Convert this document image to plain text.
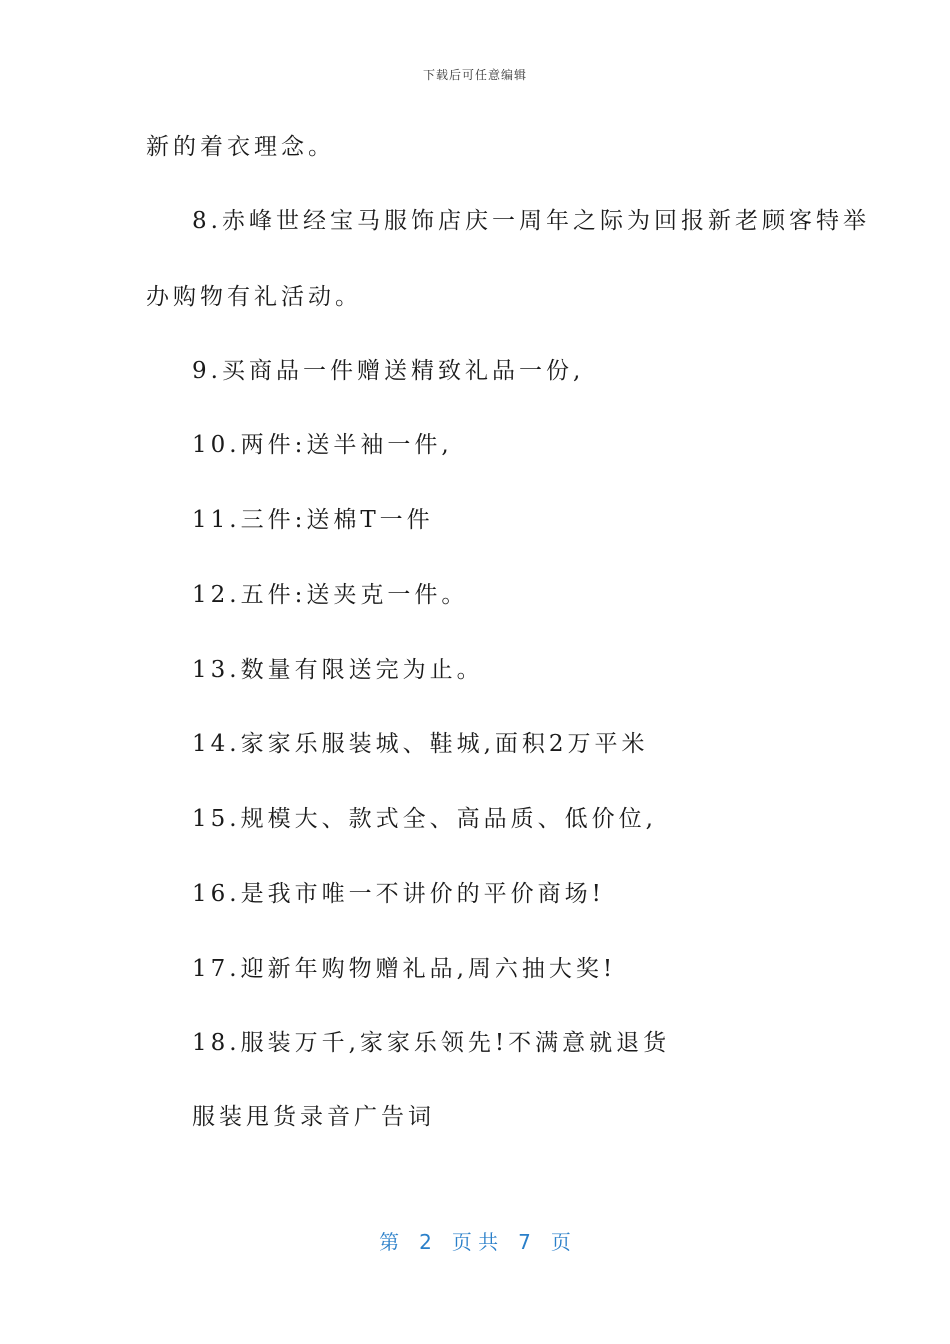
下载后可任意编辑
新的着衣理念。
8.赤峰世经宝马服饰店庆一周年之际为回报新老顾客特举
办购物有礼活动。
9.买商品一件赠送精致礼品一份,
10.两件:送半袖一件,
11.三件:送棉T一件
12.五件:送夹克一件。
13.数量有限送完为止。
14.家家乐服装城、鞋城,面积2万平米
15.规模大、款式全、高品质、低价位,
16.是我市唯一不讲价的平价商场!
17.迎新年购物赠礼品,周六抽大奖!
18.服装万千,家家乐领先!不满意就退货
服装甩货录音广告词
第 2 页 共 7 页
